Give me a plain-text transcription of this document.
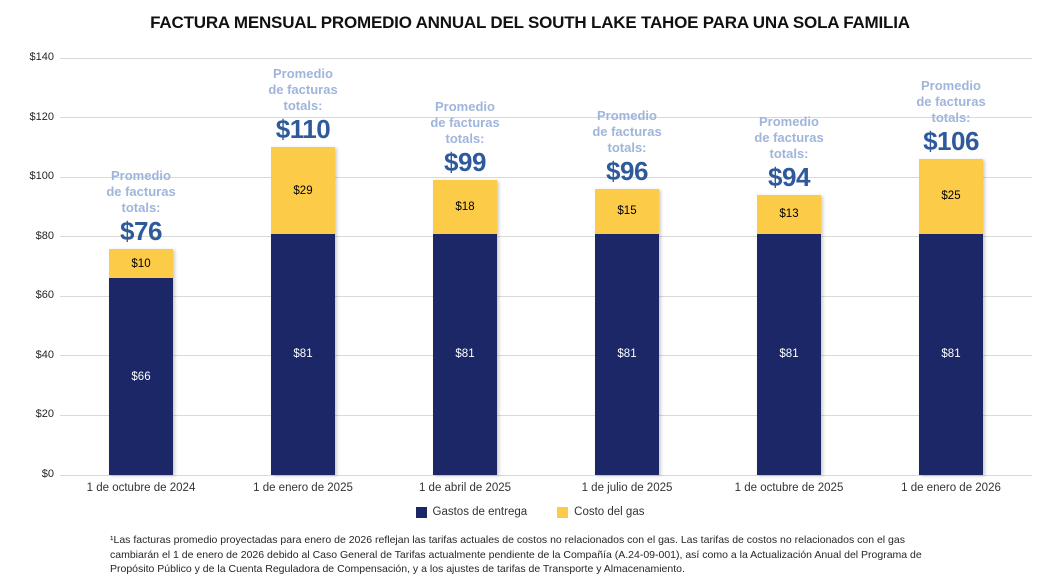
FACTURA MENSUAL PROMEDIO ANNUAL DEL SOUTH LAKE TAHOE PARA UNA SOLA FAMILIA
$0
$20
$40
$60
$80
$100
$120
$140
$10
$66
Promedio
de facturas
totals:
$76
1 de octubre de 2024
$29
$81
Promedio
de facturas
totals:
$110
1 de enero de 2025
$18
$81
Promedio
de facturas
totals:
$99
1 de abril de 2025
$15
$81
Promedio
de facturas
totals:
$96
1 de julio de 2025
$13
$81
Promedio
de facturas
totals:
$94
1 de octubre de 2025
$25
$81
Promedio
de facturas
totals:
$106
1 de enero de 2026
Gastos de entrega	Costo del gas
¹Las facturas promedio proyectadas para enero de 2026 reflejan las tarifas actuales de costos no relacionados con el gas. Las tarifas de costos no relacionados con el gas cambiarán el 1 de enero de 2026 debido al Caso General de Tarifas actualmente pendiente de la Compañía (A.24-09-001), así como a la Actualización Anual del Programa de Propósito Público y de la Cuenta Reguladora de Compensación, y a los ajustes de tarifas de Transporte y Almacenamiento.
